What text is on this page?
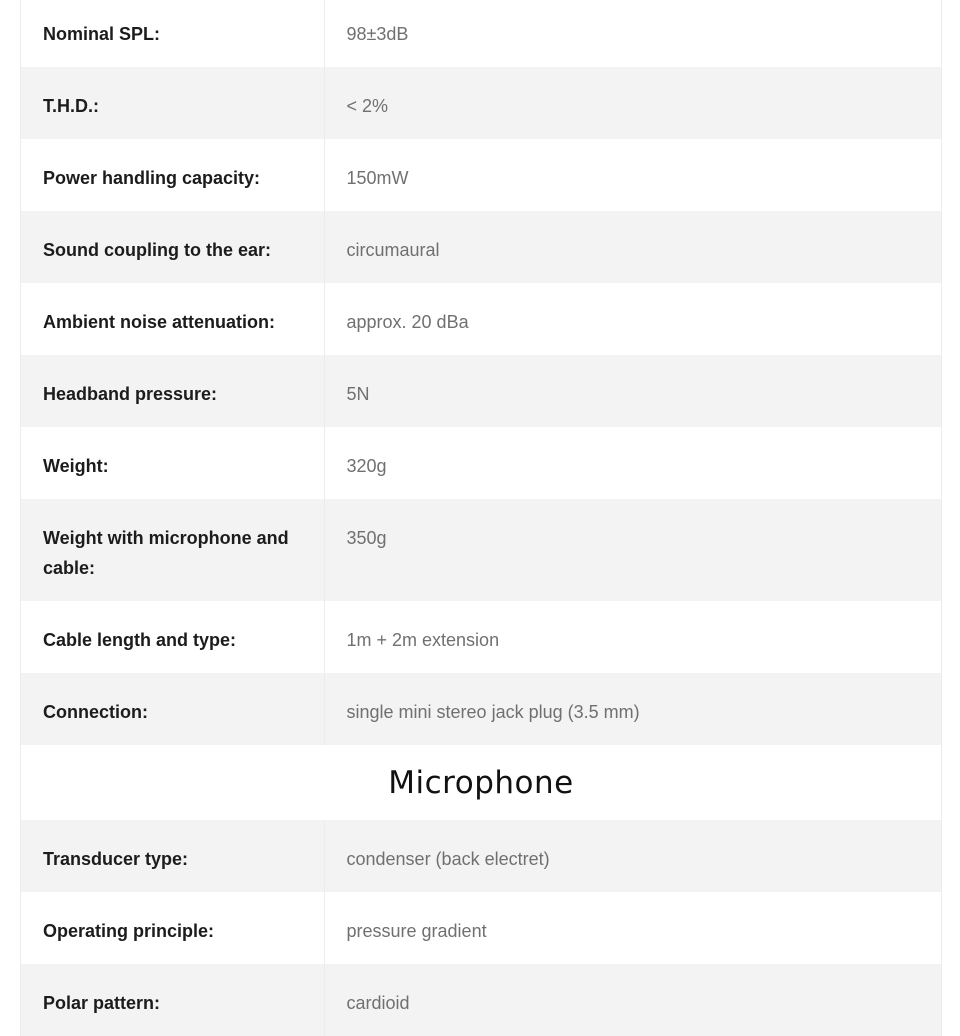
Nominal SPL:	98±3dB
T.H.D.:	< 2%
Power handling capacity:	150mW
Sound coupling to the ear:	circumaural
Ambient noise attenuation:	approx. 20 dBa
Headband pressure:	5N
Weight:	320g
Weight with microphone and cable:	350g
Cable length and type:	1m + 2m extension
Connection:	single mini stereo jack plug (3.5 mm)
Microphone	
Transducer type:	condenser (back electret)
Operating principle:	pressure gradient
Polar pattern:	cardioid
